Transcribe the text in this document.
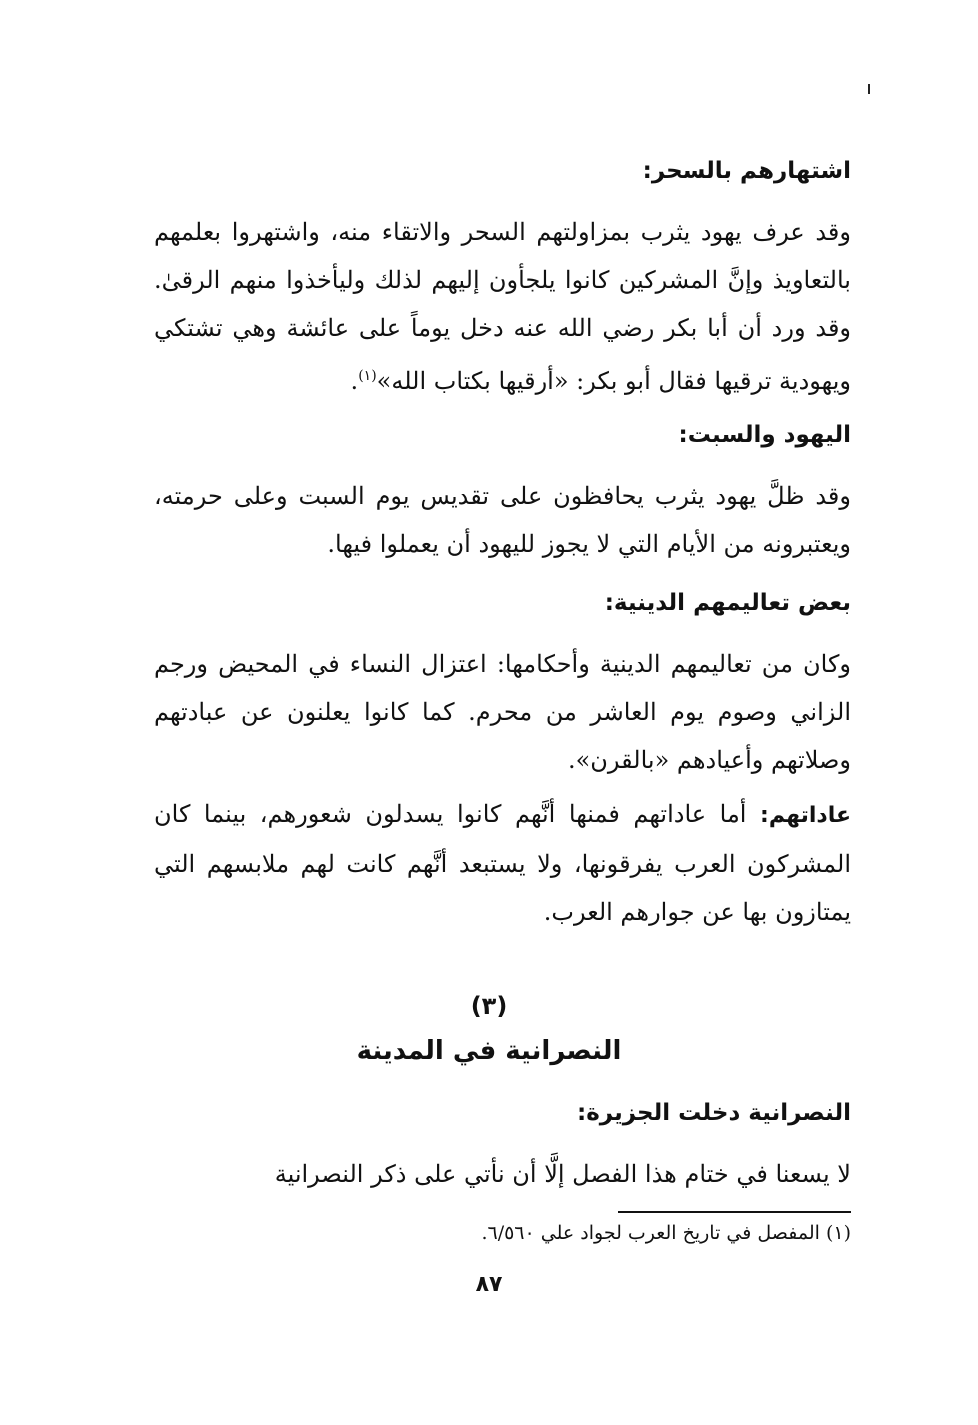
اشتهارهم بالسحر:
وقد عرف يهود يثرب بمزاولتهم السحر والاتقاء منه، واشتهروا بعلمهم بالتعاويذ وإنَّ المشركين كانوا يلجأون إليهم لذلك وليأخذوا منهم الرقىٰ. وقد ورد أن أبا بكر رضي الله عنه دخل يوماً على عائشة وهي تشتكي ويهودية ترقيها فقال أبو بكر: «أرقيها بكتاب الله»$^{(١)}$.
اليهود والسبت:
وقد ظلَّ يهود يثرب يحافظون على تقديس يوم السبت وعلى حرمته، ويعتبرونه من الأيام التي لا يجوز لليهود أن يعملوا فيها.
بعض تعاليمهم الدينية:
وكان من تعاليمهم الدينية وأحكامها: اعتزال النساء في المحيض ورجم الزاني وصوم يوم العاشر من محرم. كما كانوا يعلنون عن عبادتهم وصلاتهم وأعيادهم «بالقرن».
عاداتهم: أما عاداتهم فمنها أنَّهم كانوا يسدلون شعورهم، بينما كان المشركون العرب يفرقونها، ولا يستبعد أنَّهم كانت لهم ملابسهم التي يمتازون بها عن جوارهم العرب.
(٣)
النصرانية في المدينة
النصرانية دخلت الجزيرة:
لا يسعنا في ختام هذا الفصل إلَّا أن نأتي على ذكر النصرانية
(١) المفصل في تاريخ العرب لجواد علي ٦/٥٦٠.
٨٧
